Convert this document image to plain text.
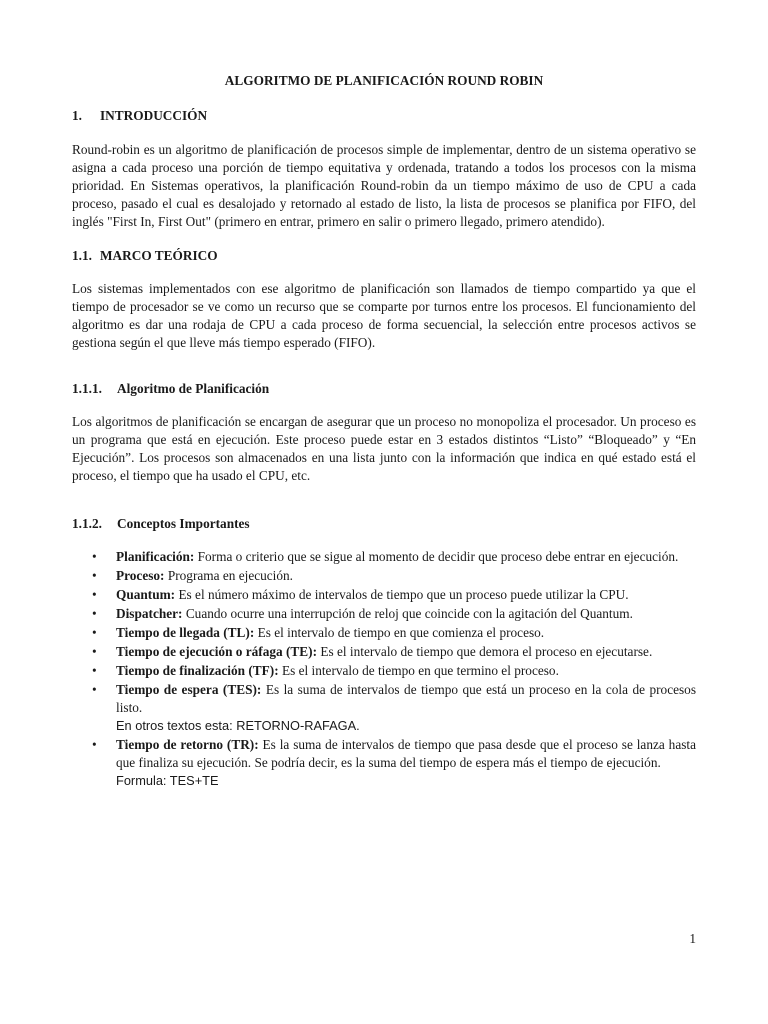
ALGORITMO DE PLANIFICACIÓN ROUND ROBIN
1. INTRODUCCIÓN

Round-robin es un algoritmo de planificación de procesos simple de implementar, dentro de un sistema operativo se asigna a cada proceso una porción de tiempo equitativa y ordenada, tratando a todos los procesos con la misma prioridad. En Sistemas operativos, la planificación Round-robin da un tiempo máximo de uso de CPU a cada proceso, pasado el cual es desalojado y retornado al estado de listo, la lista de procesos se planifica por FIFO, del inglés "First In, First Out" (primero en entrar, primero en salir o primero llegado, primero atendido).

1.1. MARCO TEÓRICO

Los sistemas implementados con ese algoritmo de planificación son llamados de tiempo compartido ya que el tiempo de procesador se ve como un recurso que se comparte por turnos entre los procesos. El funcionamiento del algoritmo es dar una rodaja de CPU a cada proceso de forma secuencial, la selección entre procesos activos se gestiona según el que lleve más tiempo esperado (FIFO).

1.1.1. Algoritmo de Planificación

Los algoritmos de planificación se encargan de asegurar que un proceso no monopoliza el procesador. Un proceso es un programa que está en ejecución. Este proceso puede estar en 3 estados distintos “Listo” “Bloqueado” y “En Ejecución”. Los procesos son almacenados en una lista junto con la información que indica en qué estado está el proceso, el tiempo que ha usado el CPU, etc.

1.1.2. Conceptos Importantes
•	Planificación: Forma o criterio que se sigue al momento de decidir que proceso debe entrar en ejecución.
•	Proceso: Programa en ejecución.
•	Quantum: Es el número máximo de intervalos de tiempo que un proceso puede utilizar la CPU.
•	Dispatcher: Cuando ocurre una interrupción de reloj que coincide con la agitación del Quantum.
•	Tiempo de llegada (TL): Es el intervalo de tiempo en que comienza el proceso.
•	Tiempo de ejecución o ráfaga (TE): Es el intervalo de tiempo que demora el proceso en ejecutarse.
•	Tiempo de finalización (TF): Es el intervalo de tiempo en que termino el proceso.
•	Tiempo de espera (TES): Es la suma de intervalos de tiempo que está un proceso en la cola de procesos listo.
En otros textos esta: RETORNO-RAFAGA.
•	Tiempo de retorno (TR): Es la suma de intervalos de tiempo que pasa desde que el proceso se lanza hasta que finaliza su ejecución. Se podría decir, es la suma del tiempo de espera más el tiempo de ejecución.
Formula: TES+TE
1
